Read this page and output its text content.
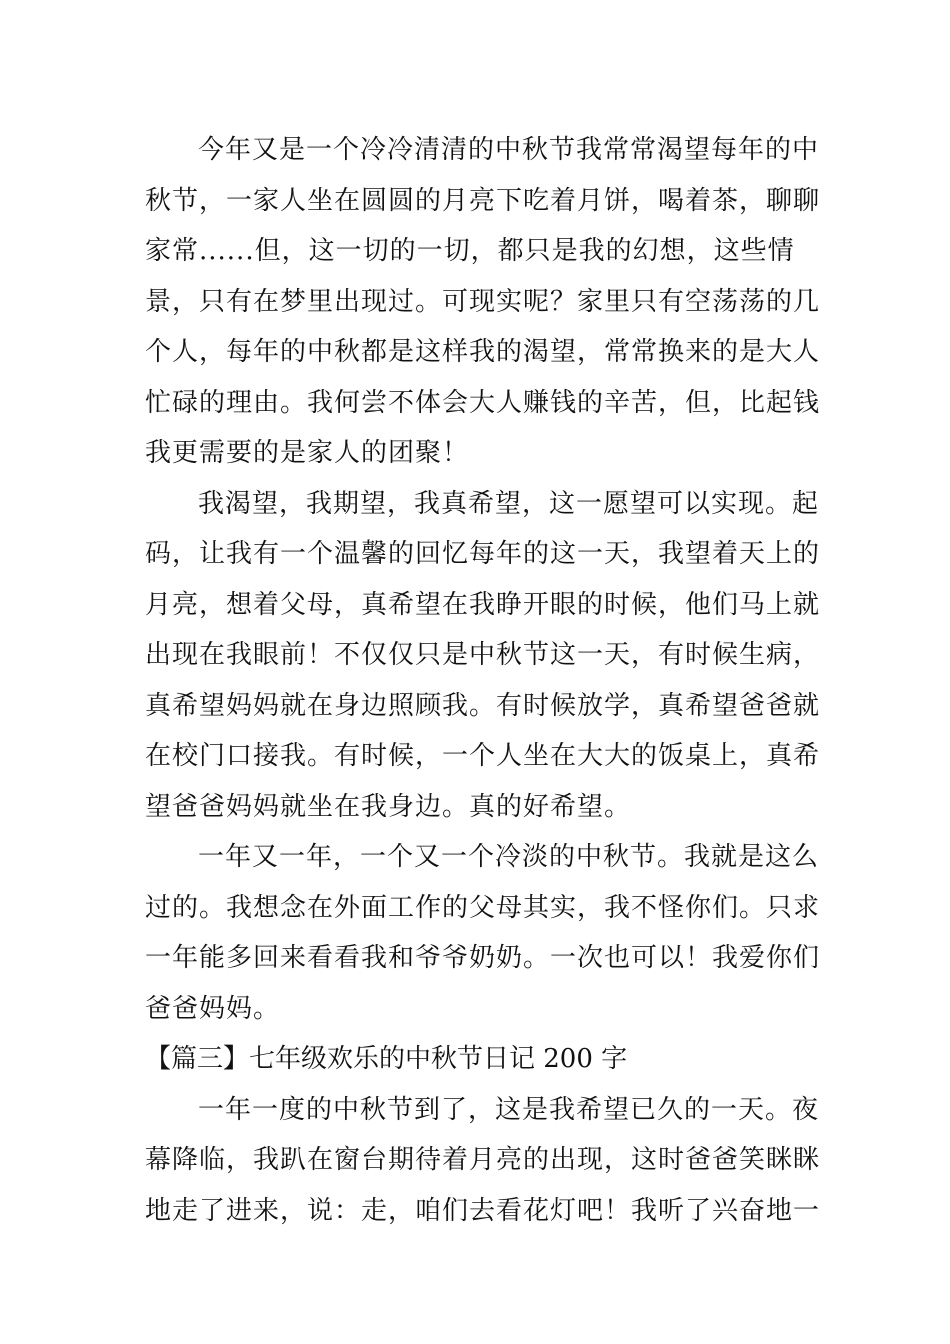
今年又是一个冷冷清清的中秋节我常常渴望每年的中
秋节，一家人坐在圆圆的月亮下吃着月饼，喝着茶，聊聊
家常......但，这一切的一切，都只是我的幻想，这些情
景，只有在梦里出现过。可现实呢？家里只有空荡荡的几
个人，每年的中秋都是这样我的渴望，常常换来的是大人
忙碌的理由。我何尝不体会大人赚钱的辛苦，但，比起钱
我更需要的是家人的团聚！
我渴望，我期望，我真希望，这一愿望可以实现。起
码，让我有一个温馨的回忆每年的这一天，我望着天上的
月亮，想着父母，真希望在我睁开眼的时候，他们马上就
出现在我眼前！不仅仅只是中秋节这一天，有时候生病，
真希望妈妈就在身边照顾我。有时候放学，真希望爸爸就
在校门口接我。有时候，一个人坐在大大的饭桌上，真希
望爸爸妈妈就坐在我身边。真的好希望。
一年又一年，一个又一个冷淡的中秋节。我就是这么
过的。我想念在外面工作的父母其实，我不怪你们。只求
一年能多回来看看我和爷爷奶奶。一次也可以！我爱你们
爸爸妈妈。
【篇三】七年级欢乐的中秋节日记 200 字
一年一度的中秋节到了，这是我希望已久的一天。夜
幕降临，我趴在窗台期待着月亮的出现，这时爸爸笑眯眯
地走了进来，说：走，咱们去看花灯吧！我听了兴奋地一
